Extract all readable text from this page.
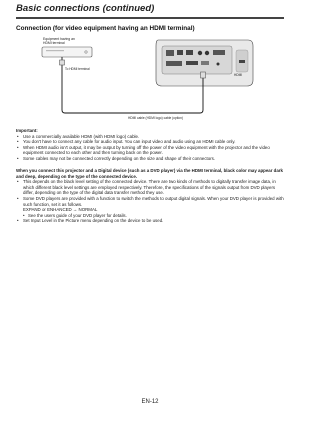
Basic connections (continued)
Connection (for video equipment having an HDMI terminal)
Equipment having an
HDMI terminal
HDMI
To HDMI terminal
HDMI cable (HDMI logo) cable (option)
Important:
• Use a commercially available HDMI (with HDMI logo) cable.
• You don't have to connect any cable for audio input. You can input video and audio using an HDMI cable only.
• When HDMI audio isn't output, it may be output by turning off the power of the video equipment with the projector and the video equipment connected to each other and then turning back on the power.
• Some cables may not be connected correctly depending on the size and shape of their connectors.
When you connect this projector and a Digital device (such as a DVD player) via the HDMI terminal, black color may appear dark and deep, depending on the type of the connected device.
• This depends on the black level setting of the connected device. There are two kinds of methods to digitally transfer image data, in which different black level settings are employed respectively. Therefore, the specifications of the signals output from DVD players differ, depending on the type of the digital data transfer method they use.
• Some DVD players are provided with a function to switch the methods to output digital signals. When your DVD player is provided with such function, set it as follows.
EXPAND or ENHANCED → NORMAL
• See the users guide of your DVD player for details.
• Set Input Level in the Picture menu depending on the device to be used.
EN-12
